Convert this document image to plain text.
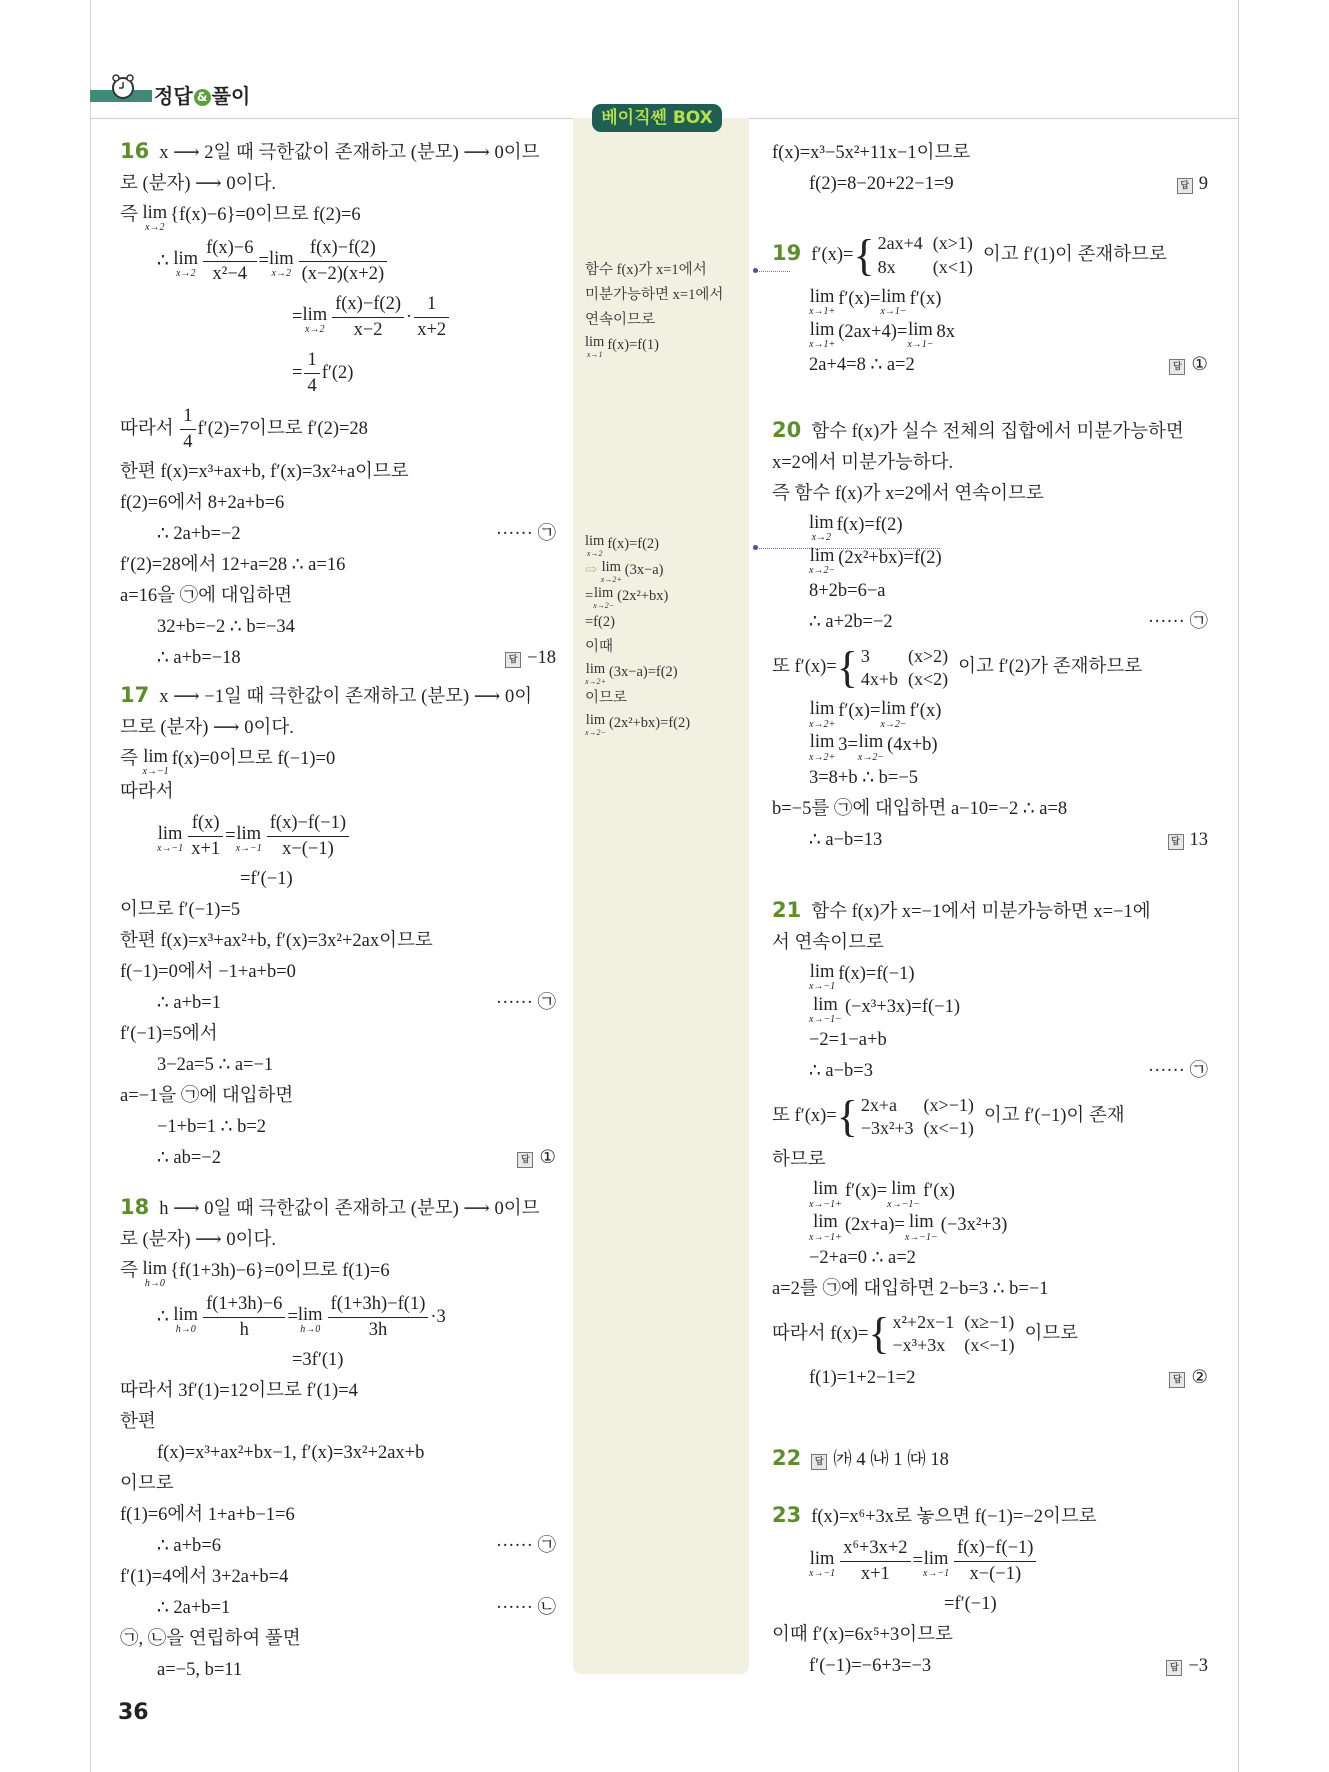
정답 & 풀이
베이직쎈 BOX
16 x ⟶ 2일 때 극한값이 존재하고 (분모) ⟶ 0이므
로 (분자) ⟶ 0이다.
즉 lim
x→2
{f(x)−6}=0이므로 f(2)=6
∴ lim
$x\to 2 \frac{f(x)-6}{\text{x²−4}} =\lim$
$x\to 2 \frac{f(x)-f(2)}{(x-2)(x+2)}$
=lim
$x\to 2 \frac{f(x)-f(2)}{x-2} \cdot \frac{1}{x+2}$
= $\frac{1}{4} f'(2)$
따라서 $\frac{1}{4} f'(2)=7$이므로 f′(2)=28
한편 f(x)=x³+ax+b, f′(x)=3x²+a이므로
f(2)=6에서 8+2a+b=6
∴ 2a+b=−2	······ ㉠
f′(2)=28에서 12+a=28 ∴ a=16
a=16을 ㉠에 대입하면
32+b=−2 ∴ b=−34
∴ a+b=−18	답 −18
17 x ⟶ −1일 때 극한값이 존재하고 (분모) ⟶ 0이
므로 (분자) ⟶ 0이다.
즉 lim
x→−1
f(x)=0이므로 f(−1)=0
따라서
lim
$x\to-1 \frac{f(x)}{x+1} =\lim$
$x\to-1 \frac{f(x)-f(-1)}{x-(-1)}$
=f′(−1)
이므로 f′(−1)=5
한편 f(x)=x³+ax²+b, f′(x)=3x²+2ax이므로
f(−1)=0에서 −1+a+b=0
∴ a+b=1	······ ㉠
f′(−1)=5에서
3−2a=5 ∴ a=−1
a=−1을 ㉠에 대입하면
−1+b=1 ∴ b=2
∴ ab=−2	답 ①
18 h ⟶ 0일 때 극한값이 존재하고 (분모) ⟶ 0이므
로 (분자) ⟶ 0이다.
즉 lim
h→0
{f(1+3h)−6}=0이므로 f(1)=6
∴ lim
$h\to 0 \frac{f(1+3h)-6}{h} =\lim$
$h\to 0 \frac{f(1+3h)-f(1)}{3h} \cdot 3$
=3f′(1)
따라서 3f′(1)=12이므로 f′(1)=4
한편
f(x)=x³+ax²+bx−1, f′(x)=3x²+2ax+b
이므로
f(1)=6에서 1+a+b−1=6
∴ a+b=6	······ ㉠
f′(1)=4에서 3+2a+b=4
∴ 2a+b=1	······ ㉡
㉠, ㉡을 연립하여 풀면
a=−5, b=11
f(x)=x³−5x²+11x−1이므로
f(2)=8−20+22−1=9	답 9
19 f′(x)= { 2ax+4	(x>1)
8x	(x<1)
이고 f′(1)이 존재하므로
lim
x→1+
f′(x)=lim
x→1−
f′(x)
lim
x→1+
(2ax+4)=lim
x→1−
8x
2a+4=8 ∴ a=2	답 ①
20 함수 f(x)가 실수 전체의 집합에서 미분가능하면
x=2에서 미분가능하다.
즉 함수 f(x)가 x=2에서 연속이므로
lim
x→2
f(x)=f(2)
lim
x→2−
(2x²+bx)=f(2)
8+2b=6−a
∴ a+2b=−2	······ ㉠
또 f′(x)= { 3	(x>2)
4x+b	(x<2)
이고 f′(2)가 존재하므로
lim
x→2+
f′(x)=lim
x→2−
f′(x)
lim
x→2+
3=lim
x→2−
(4x+b)
3=8+b ∴ b=−5
b=−5를 ㉠에 대입하면 a−10=−2 ∴ a=8
∴ a−b=13	답 13
21 함수 f(x)가 x=−1에서 미분가능하면 x=−1에
서 연속이므로
lim
x→−1
f(x)=f(−1)
lim
x→−1−
(−x³+3x)=f(−1)
−2=1−a+b
∴ a−b=3	······ ㉠
또 f′(x)= { 2x+a	(x>−1)
−3x²+3	(x<−1)
이고 f′(−1)이 존재
하므로
lim
x→−1+
f′(x)= lim
x→−1−
f′(x)
lim
x→−1+
(2x+a)= lim
x→−1−
(−3x²+3)
−2+a=0 ∴ a=2
a=2를 ㉠에 대입하면 2−b=3 ∴ b=−1
따라서 f(x)= { x²+2x−1	(x≥−1)
−x³+3x	(x<−1)
이므로
f(1)=1+2−1=2	답 ②
22 답 ㈎ 4 ㈏ 1 ㈐ 18
23 f(x)=x⁶+3x로 놓으면 f(−1)=−2이므로
lim
$x\to-1 \frac{\text{x⁶+3x+2}}{x+1} =\lim$
$x\to-1 \frac{f(x)-f(-1)}{x-(-1)}$
=f′(−1)
이때 f′(x)=6x⁵+3이므로
f′(−1)=−6+3=−3	답 −3
함수 f(x)가 x=1에서
미분가능하면 x=1에서
연속이므로
lim
x→1
f(x)=f(1)
lim
x→2
f(x)=f(2)
⇨ lim
x→2+
(3x−a)
=lim
x→2−
(2x²+bx)
=f(2)
이때
lim
x→2+
(3x−a)=f(2)
이므로
lim
x→2−
(2x²+bx)=f(2)
36
